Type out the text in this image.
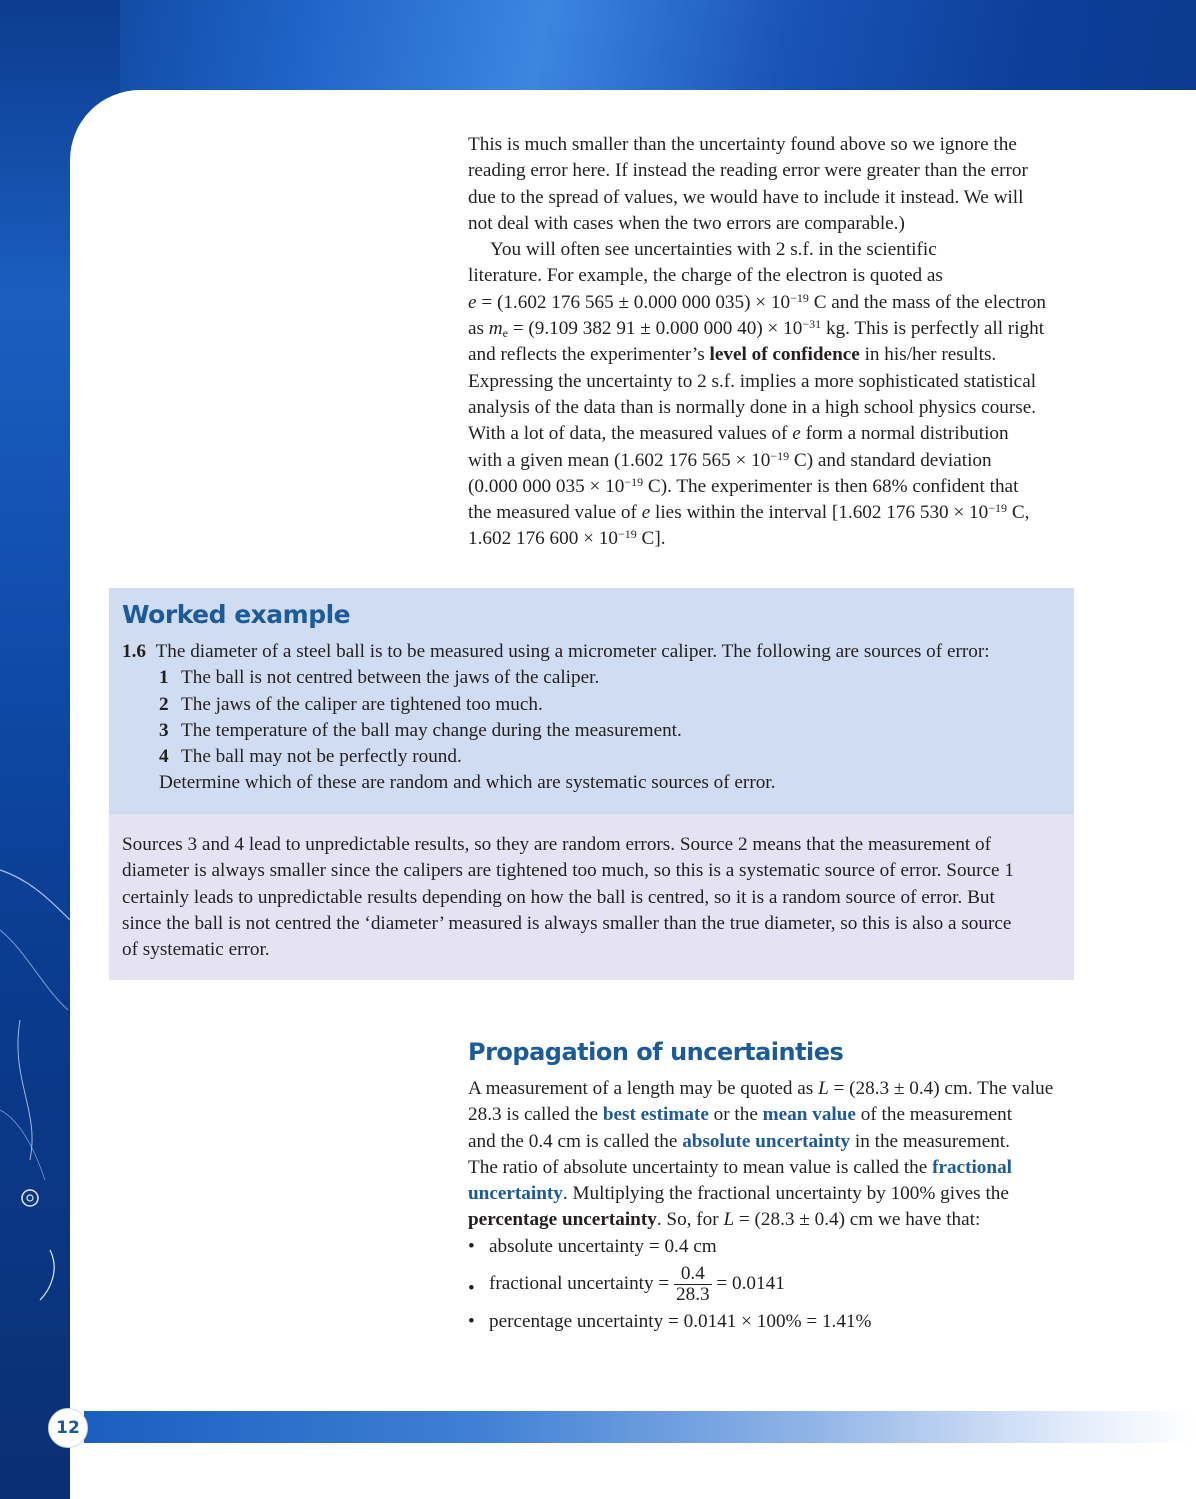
This is much smaller than the uncertainty found above so we ignore the
reading error here. If instead the reading error were greater than the error
due to the spread of values, we would have to include it instead. We will
not deal with cases when the two errors are comparable.)

You will often see uncertainties with 2 s.f. in the scientific
literature. For example, the charge of the electron is quoted as
e = (1.602 176 565 ± 0.000 000 $035) \times 10^{-19}$ C and the mass of the electron
as $m_e = (9.109$ 382 91 ± 0.000 000 $40) \times 10^{-31}$ kg. This is perfectly all right
and reflects the experimenter’s level of confidence in his/her results.
Expressing the uncertainty to 2 s.f. implies a more sophisticated statistical
analysis of the data than is normally done in a high school physics course.
With a lot of data, the measured values of e form a normal distribution
with a given mean (1.602 176 $565 \times 10^{-19}$ C) and standard deviation
(0.000 000 $035 \times 10^{-19}$ C). The experimenter is then 68% confident that
the measured value of e lies within the interval [1.602 176 $530 \times 10^{-19}$ C,
1.602 176 $600 \times 10^{-19}$ C].

Worked example

1.6 The diameter of a steel ball is to be measured using a micrometer caliper. The following are sources of error:

1 The ball is not centred between the jaws of the caliper.

2 The jaws of the caliper are tightened too much.

3 The temperature of the ball may change during the measurement.

4 The ball may not be perfectly round.

Determine which of these are random and which are systematic sources of error.

Sources 3 and 4 lead to unpredictable results, so they are random errors. Source 2 means that the measurement of
diameter is always smaller since the calipers are tightened too much, so this is a systematic source of error. Source 1
certainly leads to unpredictable results depending on how the ball is centred, so it is a random source of error. But
since the ball is not centred the ‘diameter’ measured is always smaller than the true diameter, so this is also a source
of systematic error.
Propagation of uncertainties

A measurement of a length may be quoted as L = (28.3 ± 0.4) cm. The value
28.3 is called the best estimate or the mean value of the measurement
and the 0.4 cm is called the absolute uncertainty in the measurement.
The ratio of absolute uncertainty to mean value is called the fractional
uncertainty. Multiplying the fractional uncertainty by 100% gives the
percentage uncertainty. So, for L = (28.3 ± 0.4) cm we have that:

• absolute uncertainty = 0.4 cm
• fractional uncertainty = $\frac{0.4}{28.3} = 0.0141$
• percentage uncertainty = 0.0141 × 100% = 1.41%
12
